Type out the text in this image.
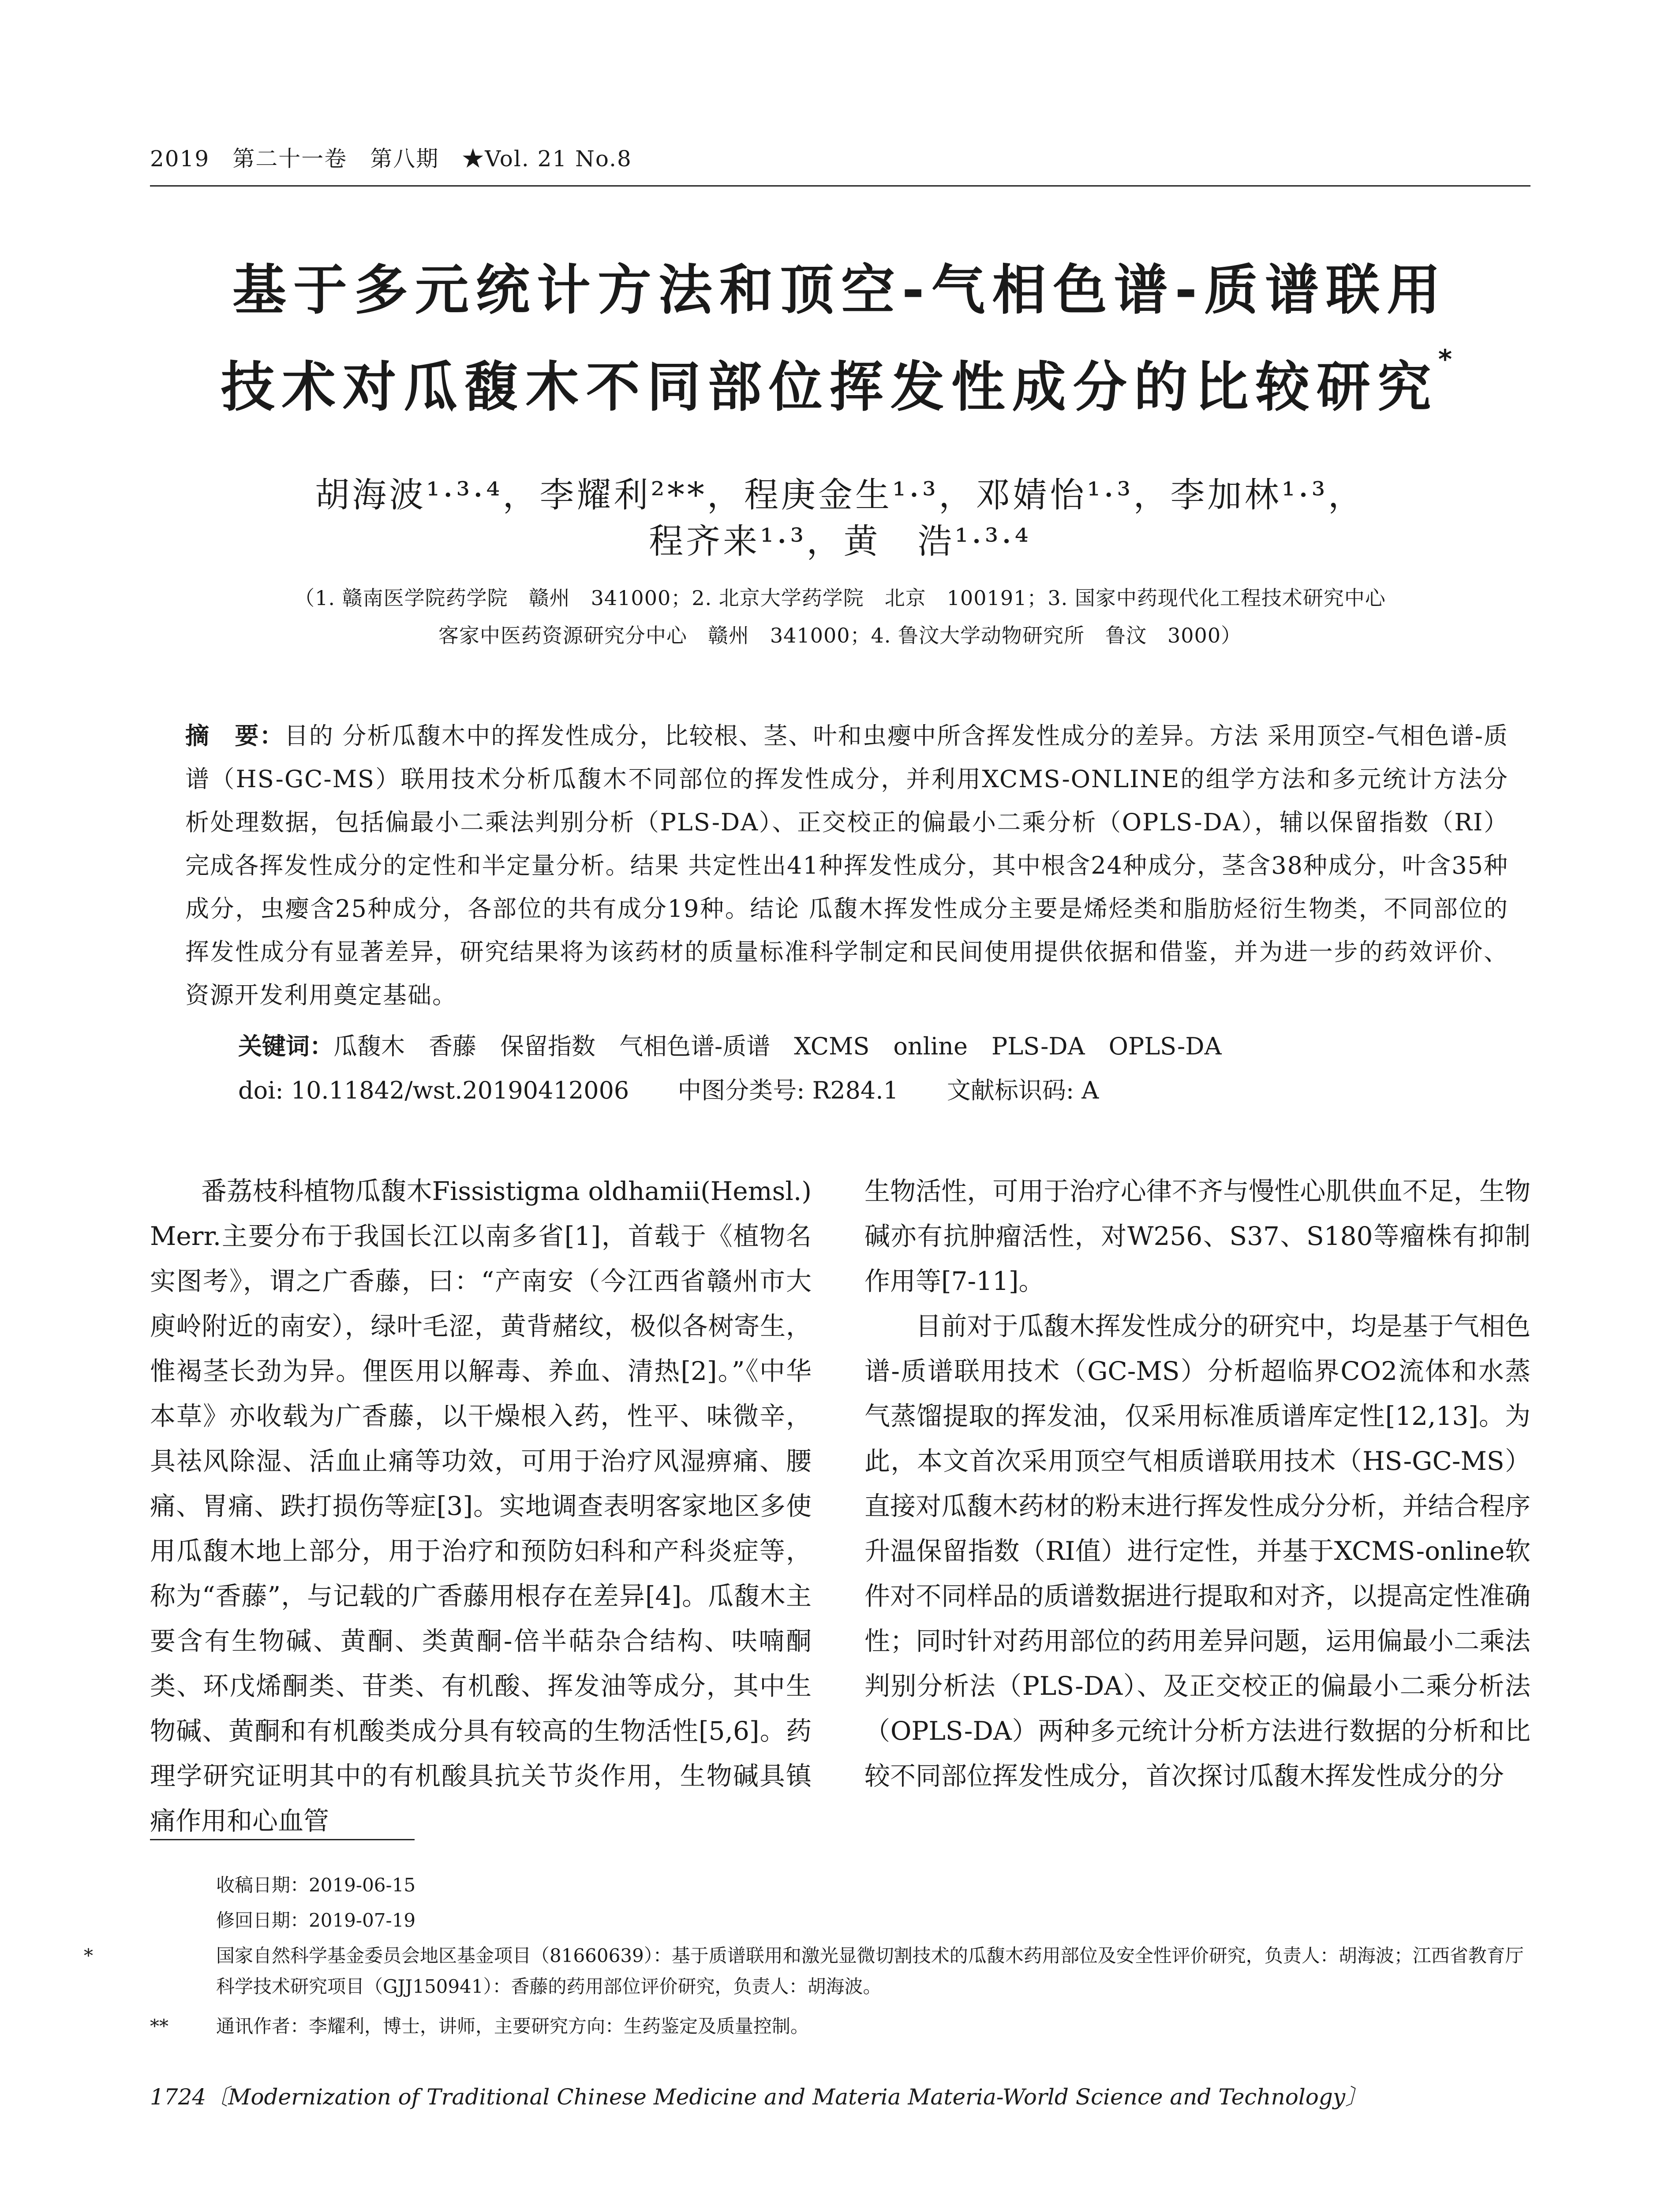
2019　第二十一卷　第八期　★Vol. 21 No.8
基于多元统计方法和顶空-气相色谱-质谱联用
技术对瓜馥木不同部位挥发性成分的比较研究*
胡海波¹·³·⁴，李耀利²**，程庚金生¹·³，邓婧怡¹·³，李加林¹·³，
程齐来¹·³，黄　浩¹·³·⁴
（1. 赣南医学院药学院　赣州　341000；2. 北京大学药学院　北京　100191；3. 国家中药现代化工程技术研究中心
客家中医药资源研究分中心　赣州　341000；4. 鲁汶大学动物研究所　鲁汶　3000）
摘　要：目的 分析瓜馥木中的挥发性成分，比较根、茎、叶和虫瘿中所含挥发性成分的差异。方法 采用顶空-气相色谱-质谱（HS-GC-MS）联用技术分析瓜馥木不同部位的挥发性成分，并利用XCMS-ONLINE的组学方法和多元统计方法分析处理数据，包括偏最小二乘法判别分析（PLS-DA）、正交校正的偏最小二乘分析（OPLS-DA），辅以保留指数（RI）完成各挥发性成分的定性和半定量分析。结果 共定性出41种挥发性成分，其中根含24种成分，茎含38种成分，叶含35种成分，虫瘿含25种成分，各部位的共有成分19种。结论 瓜馥木挥发性成分主要是烯烃类和脂肪烃衍生物类，不同部位的挥发性成分有显著差异，研究结果将为该药材的质量标准科学制定和民间使用提供依据和借鉴，并为进一步的药效评价、资源开发利用奠定基础。
关键词：瓜馥木　香藤　保留指数　气相色谱-质谱　XCMS　online　PLS-DA　OPLS-DA
doi: 10.11842/wst.20190412006 中图分类号: R284.1 文献标识码: A

番荔枝科植物瓜馥木Fissistigma oldhamii(Hemsl.) Merr.主要分布于我国长江以南多省[1]，首载于《植物名实图考》，谓之广香藤，曰：“产南安（今江西省赣州市大庾岭附近的南安），绿叶毛涩，黄背赭纹，极似各树寄生，惟褐茎长劲为异。俚医用以解毒、养血、清热[2]。”《中华本草》亦收载为广香藤，以干燥根入药，性平、味微辛，具祛风除湿、活血止痛等功效，可用于治疗风湿痹痛、腰痛、胃痛、跌打损伤等症[3]。实地调查表明客家地区多使用瓜馥木地上部分，用于治疗和预防妇科和产科炎症等，称为“香藤”，与记载的广香藤用根存在差异[4]。瓜馥木主要含有生物碱、黄酮、类黄酮-倍半萜杂合结构、呋喃酮类、环戊烯酮类、苷类、有机酸、挥发油等成分，其中生物碱、黄酮和有机酸类成分具有较高的生物活性[5,6]。药理学研究证明其中的有机酸具抗关节炎作用，生物碱具镇痛作用和心血管

生物活性，可用于治疗心律不齐与慢性心肌供血不足，生物碱亦有抗肿瘤活性，对W256、S37、S180等瘤株有抑制作用等[7-11]。

目前对于瓜馥木挥发性成分的研究中，均是基于气相色谱-质谱联用技术（GC-MS）分析超临界CO2流体和水蒸气蒸馏提取的挥发油，仅采用标准质谱库定性[12,13]。为此，本文首次采用顶空气相质谱联用技术（HS-GC-MS）直接对瓜馥木药材的粉末进行挥发性成分分析，并结合程序升温保留指数（RI值）进行定性，并基于XCMS-online软件对不同样品的质谱数据进行提取和对齐，以提高定性准确性；同时针对药用部位的药用差异问题，运用偏最小二乘法判别分析法（PLS-DA）、及正交校正的偏最小二乘分析法（OPLS-DA）两种多元统计分析方法进行数据的分析和比较不同部位挥发性成分，首次探讨瓜馥木挥发性成分的分

收稿日期：2019-06-15
修回日期：2019-07-19
*	国家自然科学基金委员会地区基金项目（81660639）：基于质谱联用和激光显微切割技术的瓜馥木药用部位及安全性评价研究，负责人：胡海波；江西省教育厅科学技术研究项目（GJJ150941）：香藤的药用部位评价研究，负责人：胡海波。
**	通讯作者：李耀利，博士，讲师，主要研究方向：生药鉴定及质量控制。
1724〔Modernization of Traditional Chinese Medicine and Materia Materia-World Science and Technology〕
